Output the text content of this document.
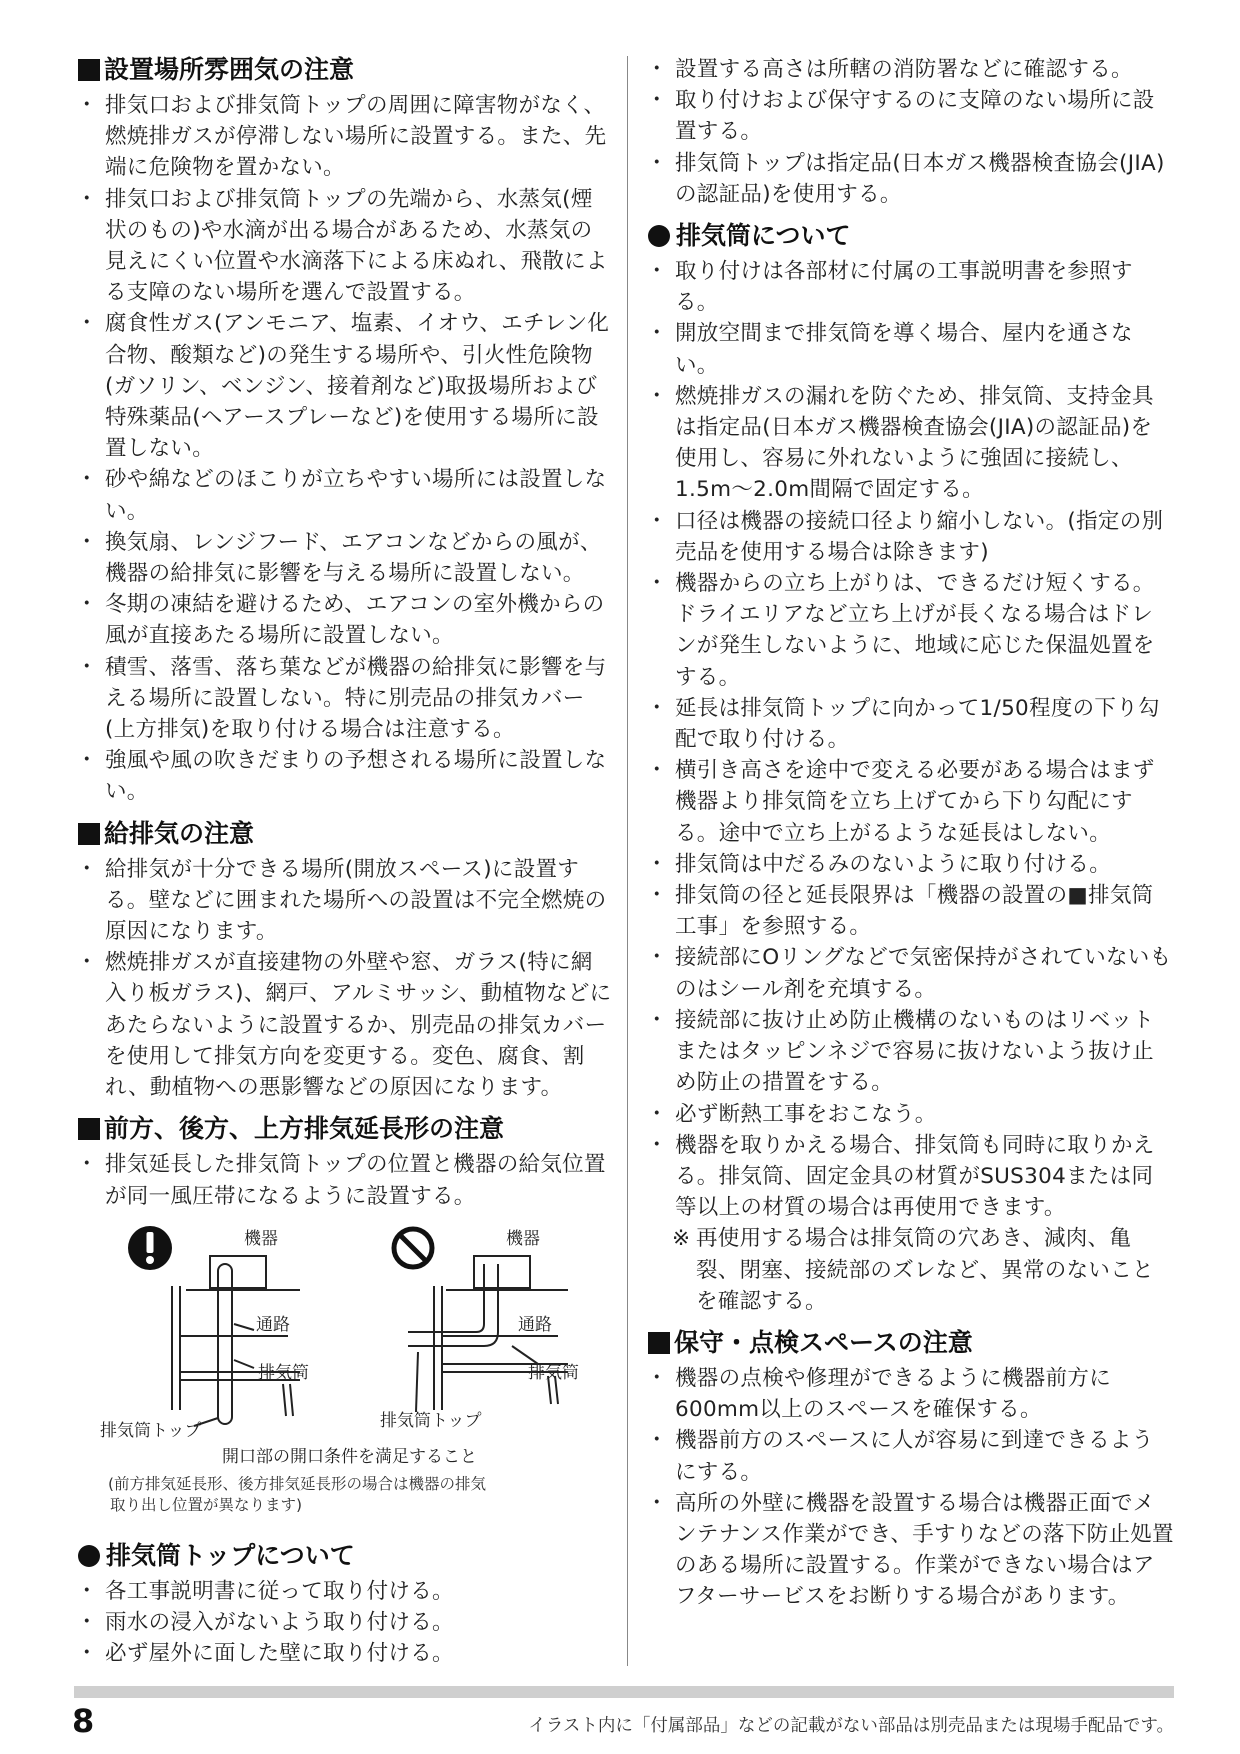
設置場所雰囲気の注意
・ 排気口および排気筒トップの周囲に障害物がなく、燃焼排ガスが停滞しない場所に設置する。また、先端に危険物を置かない。
・ 排気口および排気筒トップの先端から、水蒸気(煙状のもの)や水滴が出る場合があるため、水蒸気の見えにくい位置や水滴落下による床ぬれ、飛散による支障のない場所を選んで設置する。
・ 腐食性ガス(アンモニア、塩素、イオウ、エチレン化合物、酸類など)の発生する場所や、引火性危険物(ガソリン、ベンジン、接着剤など)取扱場所および特殊薬品(ヘアースプレーなど)を使用する場所に設置しない。
・ 砂や綿などのほこりが立ちやすい場所には設置しない。
・ 換気扇、レンジフード、エアコンなどからの風が、機器の給排気に影響を与える場所に設置しない。
・ 冬期の凍結を避けるため、エアコンの室外機からの風が直接あたる場所に設置しない。
・ 積雪、落雪、落ち葉などが機器の給排気に影響を与える場所に設置しない。特に別売品の排気カバー(上方排気)を取り付ける場合は注意する。
・ 強風や風の吹きだまりの予想される場所に設置しない。
給排気の注意
・ 給排気が十分できる場所(開放スペース)に設置する。壁などに囲まれた場所への設置は不完全燃焼の原因になります。
・ 燃焼排ガスが直接建物の外壁や窓、ガラス(特に網入り板ガラス)、網戸、アルミサッシ、動植物などにあたらないように設置するか、別売品の排気カバーを使用して排気方向を変更する。変色、腐食、割れ、動植物への悪影響などの原因になります。
前方、後方、上方排気延長形の注意
・ 排気延長した排気筒トップの位置と機器の給気位置が同一風圧帯になるように設置する。
機器
通路
排気筒
排気筒トップ
機器
通路
排気筒
排気筒トップ
開口部の開口条件を満足すること
(前方排気延長形、後方排気延長形の場合は機器の排気
取り出し位置が異なります)
排気筒トップについて
・ 各工事説明書に従って取り付ける。
・ 雨水の浸入がないよう取り付ける。
・ 必ず屋外に面した壁に取り付ける。
・ 設置する高さは所轄の消防署などに確認する。
・ 取り付けおよび保守するのに支障のない場所に設置する。
・ 排気筒トップは指定品(日本ガス機器検査協会(JIA)の認証品)を使用する。
排気筒について
・ 取り付けは各部材に付属の工事説明書を参照する。
・ 開放空間まで排気筒を導く場合、屋内を通さない。
・ 燃焼排ガスの漏れを防ぐため、排気筒、支持金具は指定品(日本ガス機器検査協会(JIA)の認証品)を使用し、容易に外れないように強固に接続し、1.5m～2.0m間隔で固定する。
・ 口径は機器の接続口径より縮小しない。(指定の別売品を使用する場合は除きます)
・ 機器からの立ち上がりは、できるだけ短くする。ドライエリアなど立ち上げが長くなる場合はドレンが発生しないように、地域に応じた保温処置をする。
・ 延長は排気筒トップに向かって1/50程度の下り勾配で取り付ける。
・ 横引き高さを途中で変える必要がある場合はまず機器より排気筒を立ち上げてから下り勾配にする。途中で立ち上がるような延長はしない。
・ 排気筒は中だるみのないように取り付ける。
・ 排気筒の径と延長限界は「機器の設置の■排気筒工事」を参照する。
・ 接続部にOリングなどで気密保持がされていないものはシール剤を充填する。
・ 接続部に抜け止め防止機構のないものはリベットまたはタッピンネジで容易に抜けないよう抜け止め防止の措置をする。
・ 必ず断熱工事をおこなう。
・ 機器を取りかえる場合、排気筒も同時に取りかえる。排気筒、固定金具の材質がSUS304または同等以上の材質の場合は再使用できます。
※ 再使用する場合は排気筒の穴あき、減肉、亀裂、閉塞、接続部のズレなど、異常のないことを確認する。
保守・点検スペースの注意
・ 機器の点検や修理ができるように機器前方に600mm以上のスペースを確保する。
・ 機器前方のスペースに人が容易に到達できるようにする。
・ 高所の外壁に機器を設置する場合は機器正面でメンテナンス作業ができ、手すりなどの落下防止処置のある場所に設置する。作業ができない場合はアフターサービスをお断りする場合があります。
8	イラスト内に「付属部品」などの記載がない部品は別売品または現場手配品です。
